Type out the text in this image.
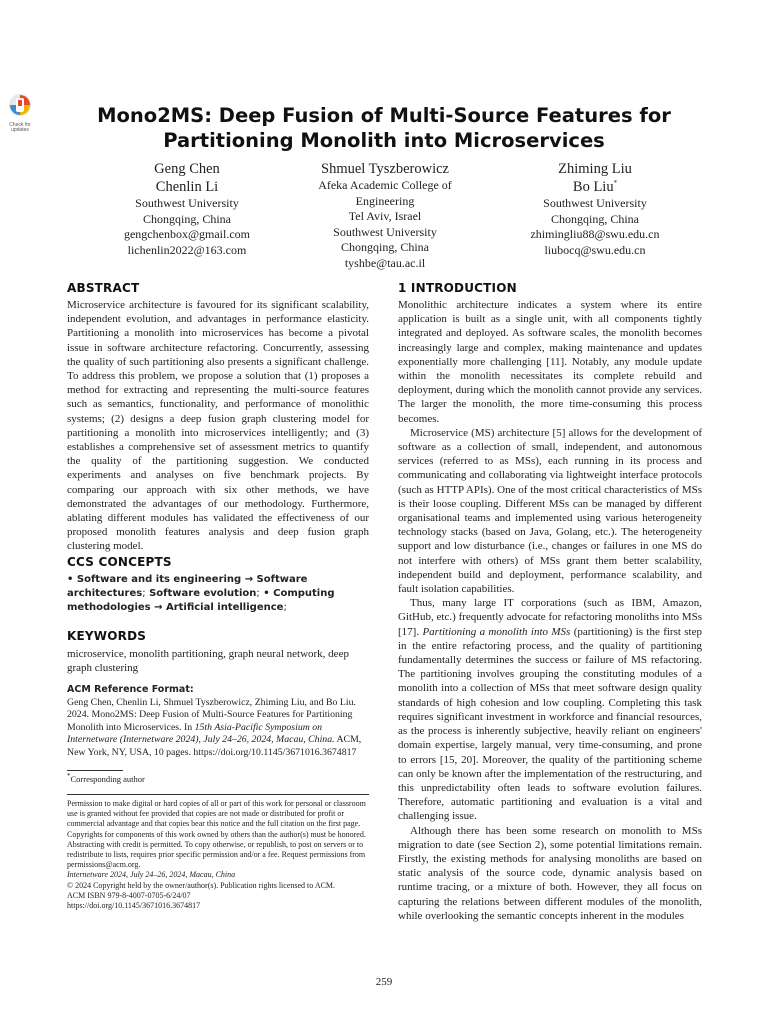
Check for updates
Mono2MS: Deep Fusion of Multi-Source Features for Partitioning Monolith into Microservices
Geng Chen
Chenlin Li
Southwest University
Chongqing, China
gengchenbox@gmail.com
lichenlin2022@163.com
Shmuel Tyszberowicz
Afeka Academic College of
Engineering
Tel Aviv, Israel
Southwest University
Chongqing, China
tyshbe@tau.ac.il
Zhiming Liu
Bo Liu*
Southwest University
Chongqing, China
zhimingliu88@swu.edu.cn
liubocq@swu.edu.cn
ABSTRACT
Microservice architecture is favoured for its significant scalability, independent evolution, and advantages in performance elasticity. Partitioning a monolith into microservices has become a pivotal issue in software architecture refactoring. Concurrently, assessing the quality of such partitioning also presents a significant challenge. To address this problem, we propose a solution that (1) proposes a method for extracting and representing the multi-source features such as semantics, functionality, and performance of monolithic systems; (2) designs a deep fusion graph clustering model for partitioning a monolith into microservices intelligently; and (3) establishes a comprehensive set of assessment metrics to quantify the quality of the partitioning suggestion. We conducted experiments and analyses on five benchmark projects. By comparing our approach with six other methods, we have demonstrated the advantages of our methodology. Furthermore, ablating different modules has validated the effectiveness of our proposed monolith features analysis and deep fusion graph clustering model.
CCS CONCEPTS
• Software and its engineering → Software architectures; Software evolution; • Computing methodologies → Artificial intelligence;
KEYWORDS
microservice, monolith partitioning, graph neural network, deep graph clustering
ACM Reference Format:
Geng Chen, Chenlin Li, Shmuel Tyszberowicz, Zhiming Liu, and Bo Liu. 2024. Mono2MS: Deep Fusion of Multi-Source Features for Partitioning Monolith into Microservices. In 15th Asia-Pacific Symposium on Internetware (Internetware 2024), July 24–26, 2024, Macau, China. ACM, New York, NY, USA, 10 pages. https://doi.org/10.1145/3671016.3674817
*Corresponding author

Permission to make digital or hard copies of all or part of this work for personal or classroom use is granted without fee provided that copies are not made or distributed for profit or commercial advantage and that copies bear this notice and the full citation on the first page. Copyrights for components of this work owned by others than the author(s) must be honored. Abstracting with credit is permitted. To copy otherwise, or republish, to post on servers or to redistribute to lists, requires prior specific permission and/or a fee. Request permissions from permissions@acm.org.

Internetware 2024, July 24–26, 2024, Macau, China

© 2024 Copyright held by the owner/author(s). Publication rights licensed to ACM.

ACM ISBN 979-8-4007-0705-6/24/07

https://doi.org/10.1145/3671016.3674817

1 INTRODUCTION

Monolithic architecture indicates a system where its entire application is built as a single unit, with all components tightly integrated and deployed. As software scales, the monolith becomes increasingly large and complex, making maintenance and updates exponentially more challenging [11]. Notably, any module update within the monolith necessitates its complete rebuild and deployment, during which the monolith cannot provide any services. The larger the monolith, the more time-consuming this process becomes.

Microservice (MS) architecture [5] allows for the development of software as a collection of small, independent, and autonomous services (referred to as MSs), each running in its process and communicating and collaborating via lightweight interface protocols (such as HTTP APIs). One of the most critical characteristics of MSs is their loose coupling. Different MSs can be managed by different organisational teams and implemented using various heterogeneity technology stacks (based on Java, Golang, etc.). The heterogeneity support and low disturbance (i.e., changes or failures in one MS do not interfere with others) of MSs grant them better scalability, independent build and deployment, performance scalability, and fault isolation capabilities.

Thus, many large IT corporations (such as IBM, Amazon, GitHub, etc.) frequently advocate for refactoring monoliths into MSs [17]. Partitioning a monolith into MSs (partitioning) is the first step in the entire refactoring process, and the quality of partitioning fundamentally determines the success or failure of MS refactoring. The partitioning involves grouping the constituting modules of a monolith into a collection of MSs that meet software design quality standards of high cohesion and low coupling. Completing this task requires significant investment in workforce and financial resources, as the process is inherently subjective, heavily reliant on engineers' domain expertise, largely manual, very time-consuming, and prone to errors [15, 20]. Moreover, the quality of the partitioning scheme can only be known after the implementation of the restructuring, and this unpredictability often leads to software evolution failures. Therefore, automatic partitioning and evaluation is a vital and challenging issue.

Although there has been some research on monolith to MSs migration to date (see Section 2), some potential limitations remain. Firstly, the existing methods for analysing monoliths are based on static analysis of the source code, dynamic analysis based on runtime tracing, or a mixture of both. However, they all focus on capturing the relations between different modules of the monolith, while overlooking the semantic concepts inherent in the modules

259
